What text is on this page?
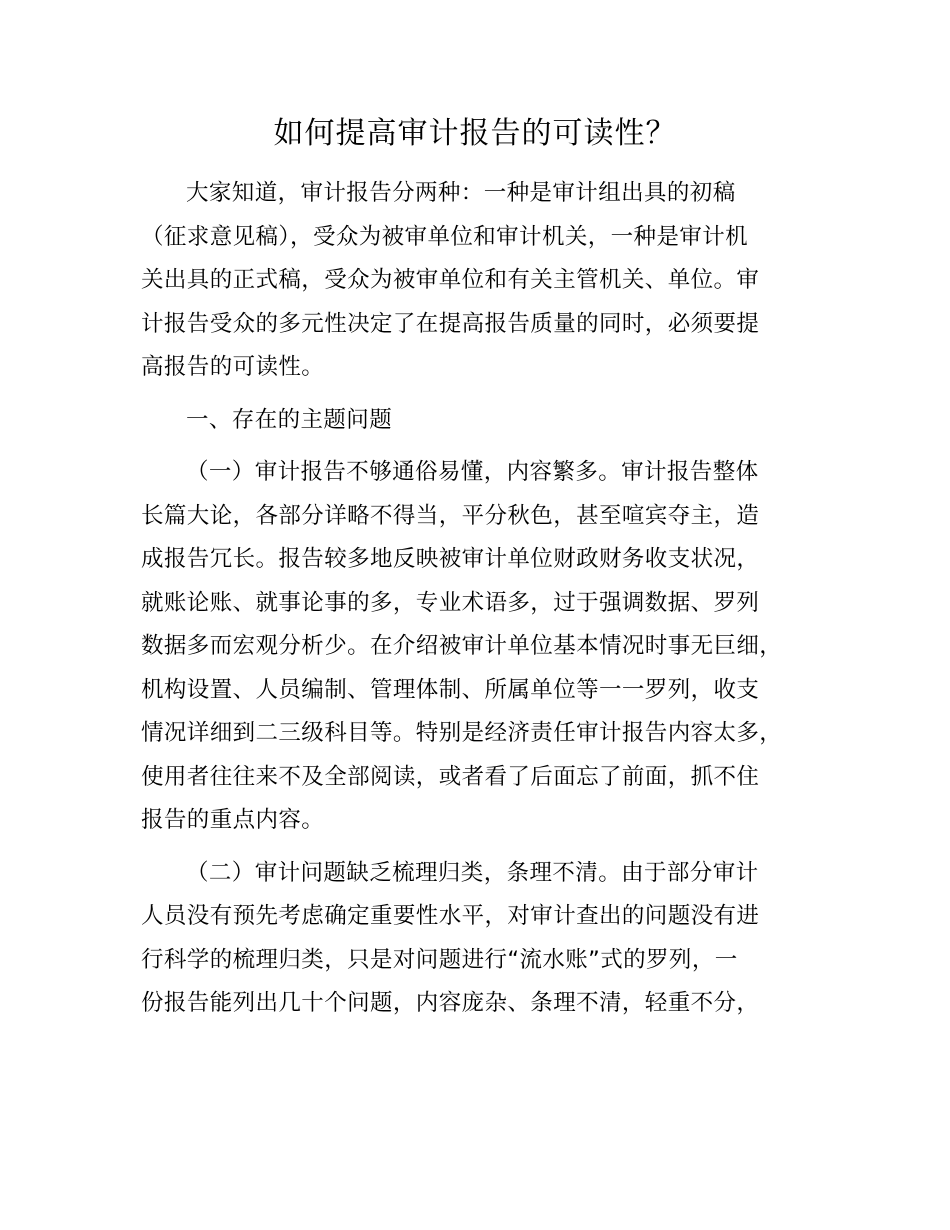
如何提高审计报告的可读性？

大家知道，审计报告分两种：一种是审计组出具的初稿
（征求意见稿），受众为被审单位和审计机关，一种是审计机
关出具的正式稿，受众为被审单位和有关主管机关、单位。审
计报告受众的多元性决定了在提高报告质量的同时，必须要提
高报告的可读性。

一、存在的主题问题

（一）审计报告不够通俗易懂，内容繁多。审计报告整体
长篇大论，各部分详略不得当，平分秋色，甚至喧宾夺主，造
成报告冗长。报告较多地反映被审计单位财政财务收支状况，
就账论账、就事论事的多，专业术语多，过于强调数据、罗列
数据多而宏观分析少。在介绍被审计单位基本情况时事无巨细，
机构设置、人员编制、管理体制、所属单位等一一罗列，收支
情况详细到二三级科目等。特别是经济责任审计报告内容太多，
使用者往往来不及全部阅读，或者看了后面忘了前面，抓不住
报告的重点内容。

（二）审计问题缺乏梳理归类，条理不清。由于部分审计
人员没有预先考虑确定重要性水平，对审计查出的问题没有进
行科学的梳理归类，只是对问题进行“流水账”式的罗列，一
份报告能列出几十个问题，内容庞杂、条理不清，轻重不分，
